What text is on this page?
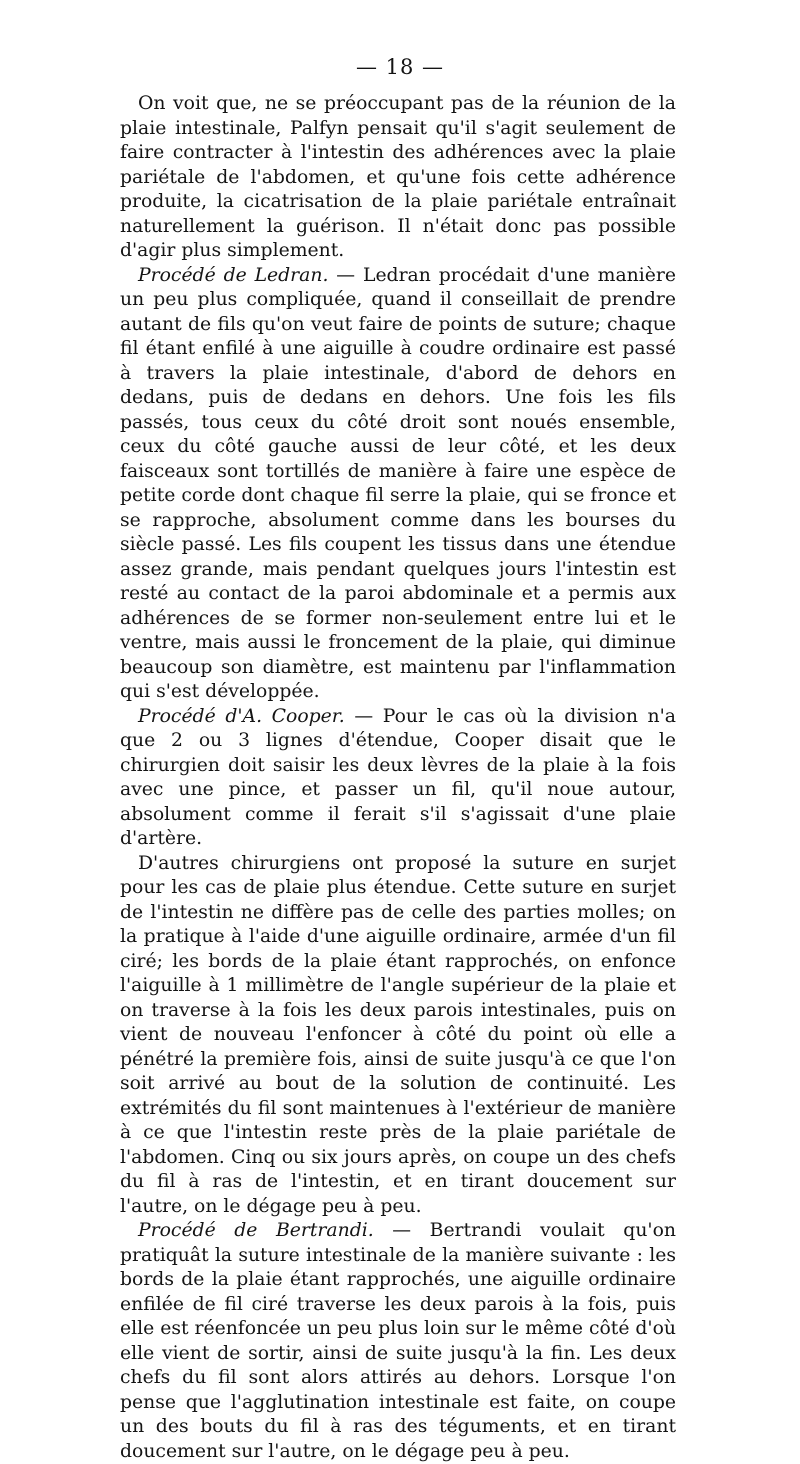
— 18 —

On voit que, ne se préoccupant pas de la réunion de la plaie intestinale, Palfyn pensait qu'il s'agit seulement de faire contracter à l'intestin des adhérences avec la plaie pariétale de l'abdomen, et qu'une fois cette adhérence produite, la cicatrisation de la plaie pariétale entraînait naturellement la guérison. Il n'était donc pas possible d'agir plus simplement.

Procédé de Ledran. — Ledran procédait d'une manière un peu plus compliquée, quand il conseillait de prendre autant de fils qu'on veut faire de points de suture; chaque fil étant enfilé à une aiguille à coudre ordinaire est passé à travers la plaie intestinale, d'abord de dehors en dedans, puis de dedans en dehors. Une fois les fils passés, tous ceux du côté droit sont noués ensemble, ceux du côté gauche aussi de leur côté, et les deux faisceaux sont tortillés de manière à faire une espèce de petite corde dont chaque fil serre la plaie, qui se fronce et se rapproche, absolument comme dans les bourses du siècle passé. Les fils coupent les tissus dans une étendue assez grande, mais pendant quelques jours l'intestin est resté au contact de la paroi abdominale et a permis aux adhérences de se former non-seulement entre lui et le ventre, mais aussi le froncement de la plaie, qui diminue beaucoup son diamètre, est maintenu par l'inflammation qui s'est développée.

Procédé d'A. Cooper. — Pour le cas où la division n'a que 2 ou 3 lignes d'étendue, Cooper disait que le chirurgien doit saisir les deux lèvres de la plaie à la fois avec une pince, et passer un fil, qu'il noue autour, absolument comme il ferait s'il s'agissait d'une plaie d'artère.

D'autres chirurgiens ont proposé la suture en surjet pour les cas de plaie plus étendue. Cette suture en surjet de l'intestin ne diffère pas de celle des parties molles; on la pratique à l'aide d'une aiguille ordinaire, armée d'un fil ciré; les bords de la plaie étant rapprochés, on enfonce l'aiguille à 1 millimètre de l'angle supérieur de la plaie et on traverse à la fois les deux parois intestinales, puis on vient de nouveau l'enfoncer à côté du point où elle a pénétré la première fois, ainsi de suite jusqu'à ce que l'on soit arrivé au bout de la solution de continuité. Les extrémités du fil sont maintenues à l'extérieur de manière à ce que l'intestin reste près de la plaie pariétale de l'abdomen. Cinq ou six jours après, on coupe un des chefs du fil à ras de l'intestin, et en tirant doucement sur l'autre, on le dégage peu à peu.

Procédé de Bertrandi. — Bertrandi voulait qu'on pratiquât la suture intestinale de la manière suivante : les bords de la plaie étant rapprochés, une aiguille ordinaire enfilée de fil ciré traverse les deux parois à la fois, puis elle est réenfoncée un peu plus loin sur le même côté d'où elle vient de sortir, ainsi de suite jusqu'à la fin. Les deux chefs du fil sont alors attirés au dehors. Lorsque l'on pense que l'agglutination intestinale est faite, on coupe un des bouts du fil à ras des téguments, et en tirant doucement sur l'autre, on le dégage peu à peu.
